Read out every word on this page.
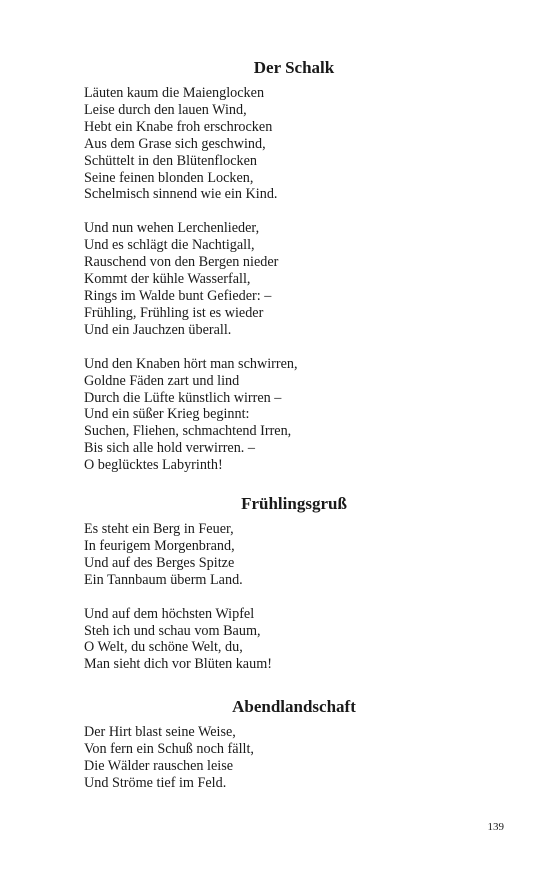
Der Schalk
Läuten kaum die Maienglocken
Leise durch den lauen Wind,
Hebt ein Knabe froh erschrocken
Aus dem Grase sich geschwind,
Schüttelt in den Blütenflocken
Seine feinen blonden Locken,
Schelmisch sinnend wie ein Kind.
Und nun wehen Lerchenlieder,
Und es schlägt die Nachtigall,
Rauschend von den Bergen nieder
Kommt der kühle Wasserfall,
Rings im Walde bunt Gefieder: –
Frühling, Frühling ist es wieder
Und ein Jauchzen überall.
Und den Knaben hört man schwirren,
Goldne Fäden zart und lind
Durch die Lüfte künstlich wirren –
Und ein süßer Krieg beginnt:
Suchen, Fliehen, schmachtend Irren,
Bis sich alle hold verwirren. –
O beglücktes Labyrinth!
Frühlingsgruß
Es steht ein Berg in Feuer,
In feurigem Morgenbrand,
Und auf des Berges Spitze
Ein Tannbaum überm Land.
Und auf dem höchsten Wipfel
Steh ich und schau vom Baum,
O Welt, du schöne Welt, du,
Man sieht dich vor Blüten kaum!
Abendlandschaft
Der Hirt blast seine Weise,
Von fern ein Schuß noch fällt,
Die Wälder rauschen leise
Und Ströme tief im Feld.
139
